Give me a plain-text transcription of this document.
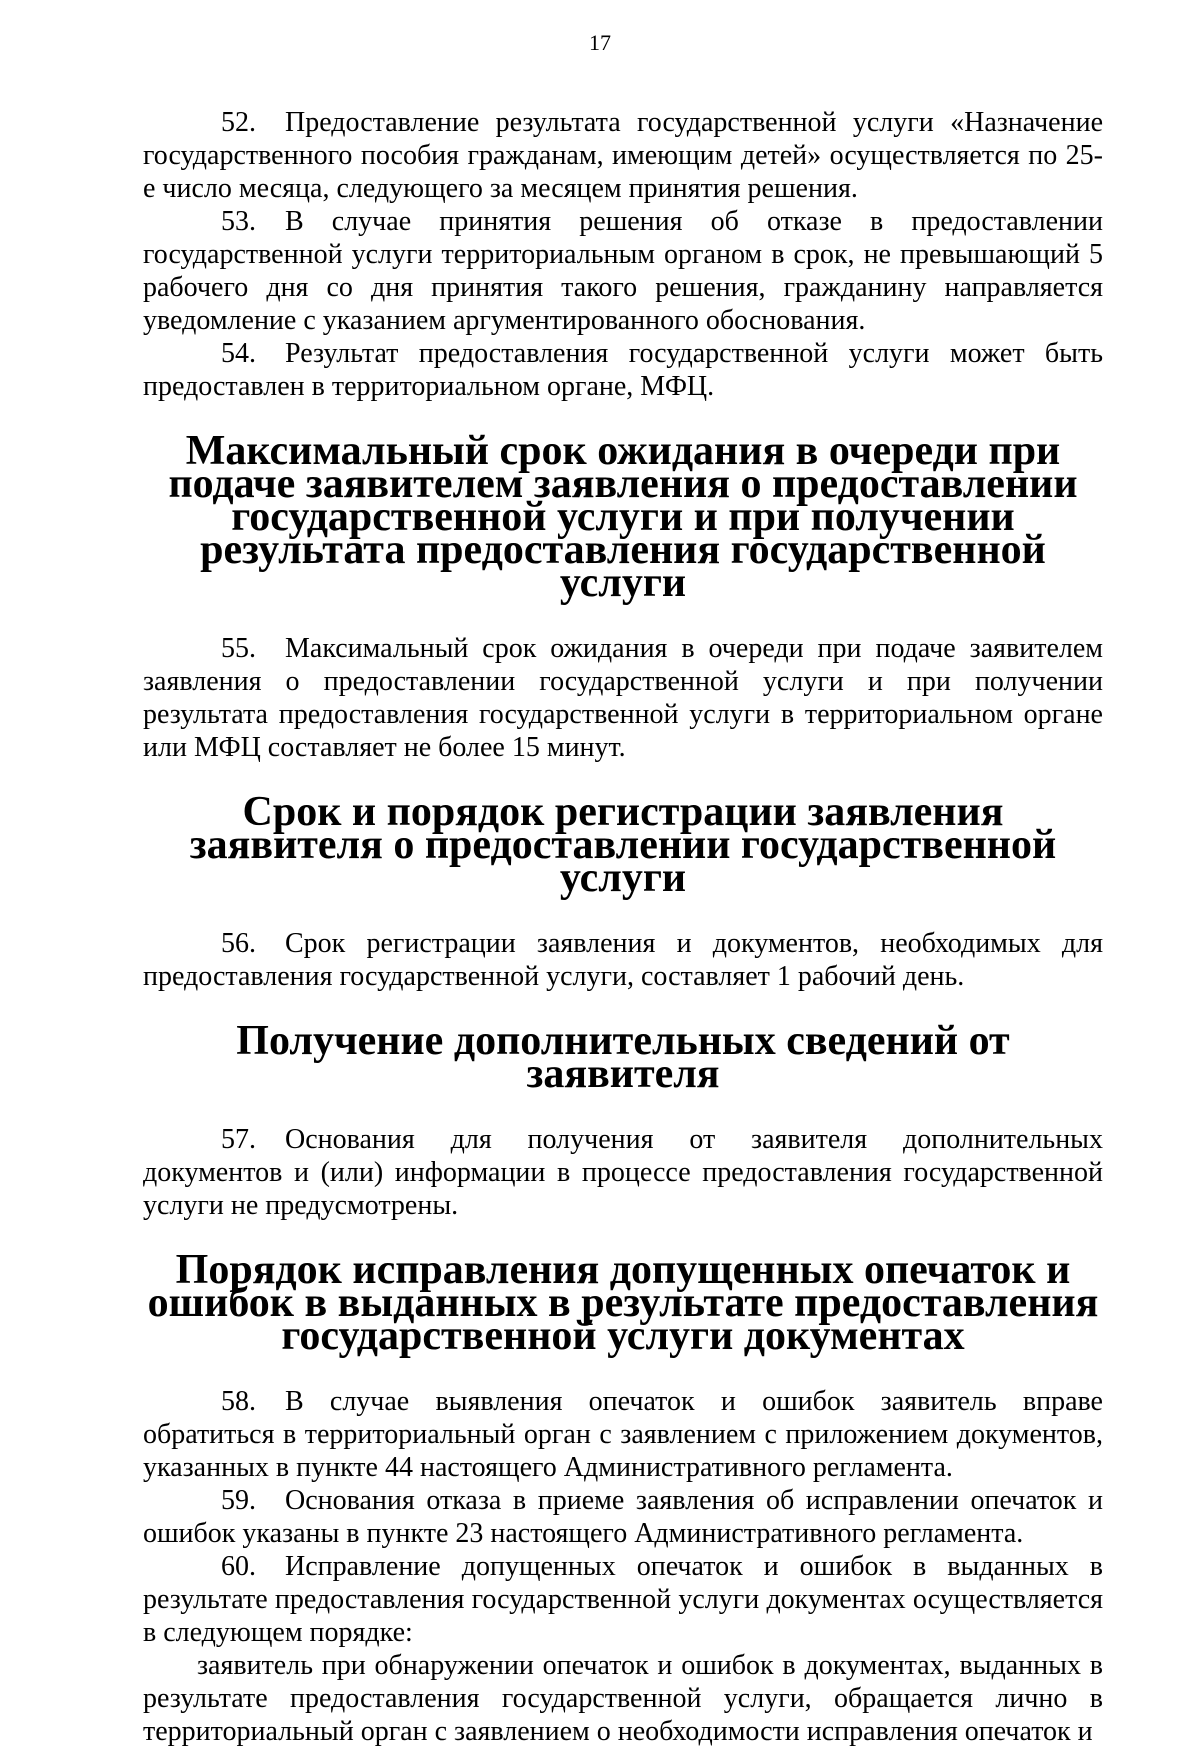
17

52. Предоставление результата государственной услуги «Назначение государственного пособия гражданам, имеющим детей» осуществляется по 25-е число месяца, следующего за месяцем принятия решения.

53. В случае принятия решения об отказе в предоставлении государственной услуги территориальным органом в срок, не превышающий 5 рабочего дня со дня принятия такого решения, гражданину направляется уведомление с указанием аргументированного обоснования.

54. Результат предоставления государственной услуги может быть предоставлен в территориальном органе, МФЦ.

Максимальный срок ожидания в очереди при подаче заявителем заявления о предоставлении государственной услуги и при получении результата предоставления государственной услуги

55. Максимальный срок ожидания в очереди при подаче заявителем заявления о предоставлении государственной услуги и при получении результата предоставления государственной услуги в территориальном органе или МФЦ составляет не более 15 минут.

Срок и порядок регистрации заявления заявителя о предоставлении государственной услуги

56. Срок регистрации заявления и документов, необходимых для предоставления государственной услуги, составляет 1 рабочий день.

Получение дополнительных сведений от заявителя

57. Основания для получения от заявителя дополнительных документов и (или) информации в процессе предоставления государственной услуги не предусмотрены.

Порядок исправления допущенных опечаток и ошибок в выданных в результате предоставления государственной услуги документах

58. В случае выявления опечаток и ошибок заявитель вправе обратиться в территориальный орган с заявлением с приложением документов, указанных в пункте 44 настоящего Административного регламента.

59. Основания отказа в приеме заявления об исправлении опечаток и ошибок указаны в пункте 23 настоящего Административного регламента.

60. Исправление допущенных опечаток и ошибок в выданных в результате предоставления государственной услуги документах осуществляется в следующем порядке:

заявитель при обнаружении опечаток и ошибок в документах, выданных в результате предоставления государственной услуги, обращается лично в территориальный орган с заявлением о необходимости исправления опечаток и
